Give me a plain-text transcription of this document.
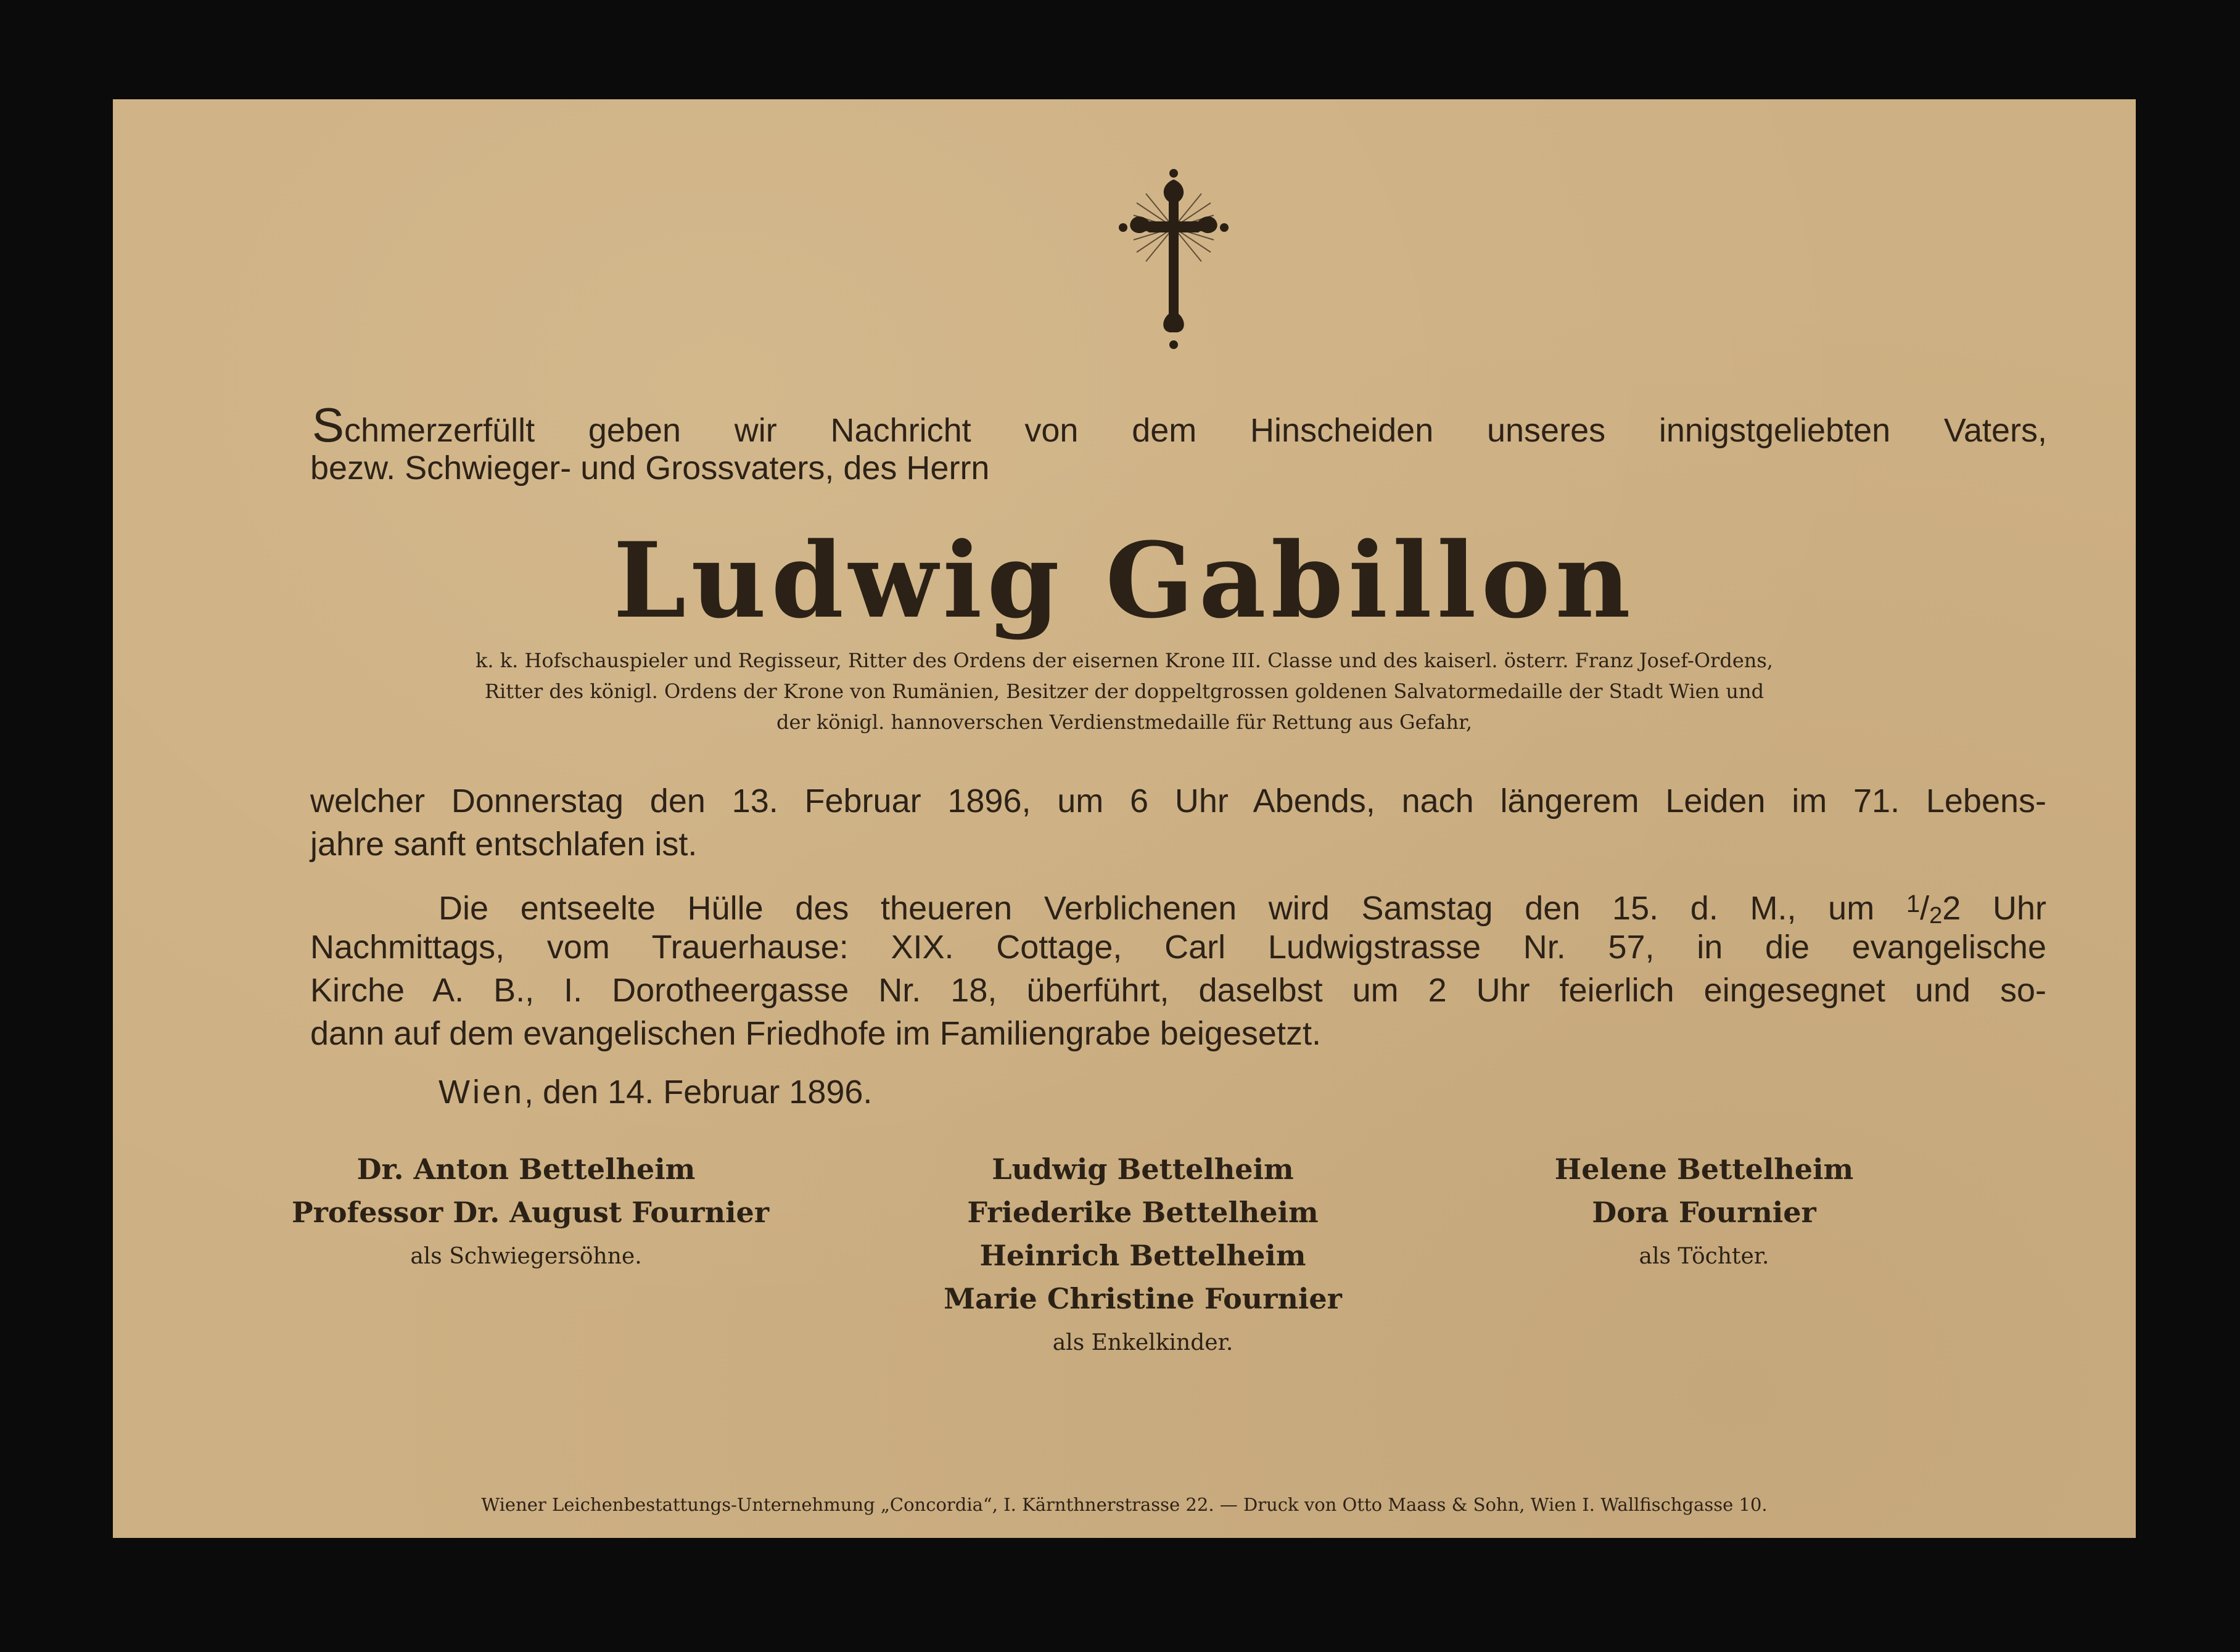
Schmerzerfüllt geben wir Nachricht von dem Hinscheiden unseres innigstgeliebten Vaters,
bezw. Schwieger- und Grossvaters, des Herrn
Ludwig Gabillon
k. k. Hofschauspieler und Regisseur, Ritter des Ordens der eisernen Krone III. Classe und des kaiserl. österr. Franz Josef-Ordens,
Ritter des königl. Ordens der Krone von Rumänien, Besitzer der doppeltgrossen goldenen Salvatormedaille der Stadt Wien und
der königl. hannoverschen Verdienstmedaille für Rettung aus Gefahr,
welcher Donnerstag den 13. Februar 1896, um 6 Uhr Abends, nach längerem Leiden im 71. Lebens-
jahre sanft entschlafen ist.
Die entseelte Hülle des theueren Verblichenen wird Samstag den 15. d. M., um $^1$/22 Uhr
Nachmittags, vom Trauerhause: XIX. Cottage, Carl Ludwigstrasse Nr. 57, in die evangelische
Kirche A. B., I. Dorotheergasse Nr. 18, überführt, daselbst um 2 Uhr feierlich eingesegnet und so-
dann auf dem evangelischen Friedhofe im Familiengrabe beigesetzt.
Wien, den 14. Februar 1896.
Dr. Anton Bettelheim
Professor Dr. August Fournier
als Schwiegersöhne.
Ludwig Bettelheim
Friederike Bettelheim
Heinrich Bettelheim
Marie Christine Fournier
als Enkelkinder.
Helene Bettelheim
Dora Fournier
als Töchter.
Wiener Leichenbestattungs-Unternehmung „Concordia“, I. Kärnthnerstrasse 22. — Druck von Otto Maass & Sohn, Wien I. Wallfischgasse 10.
